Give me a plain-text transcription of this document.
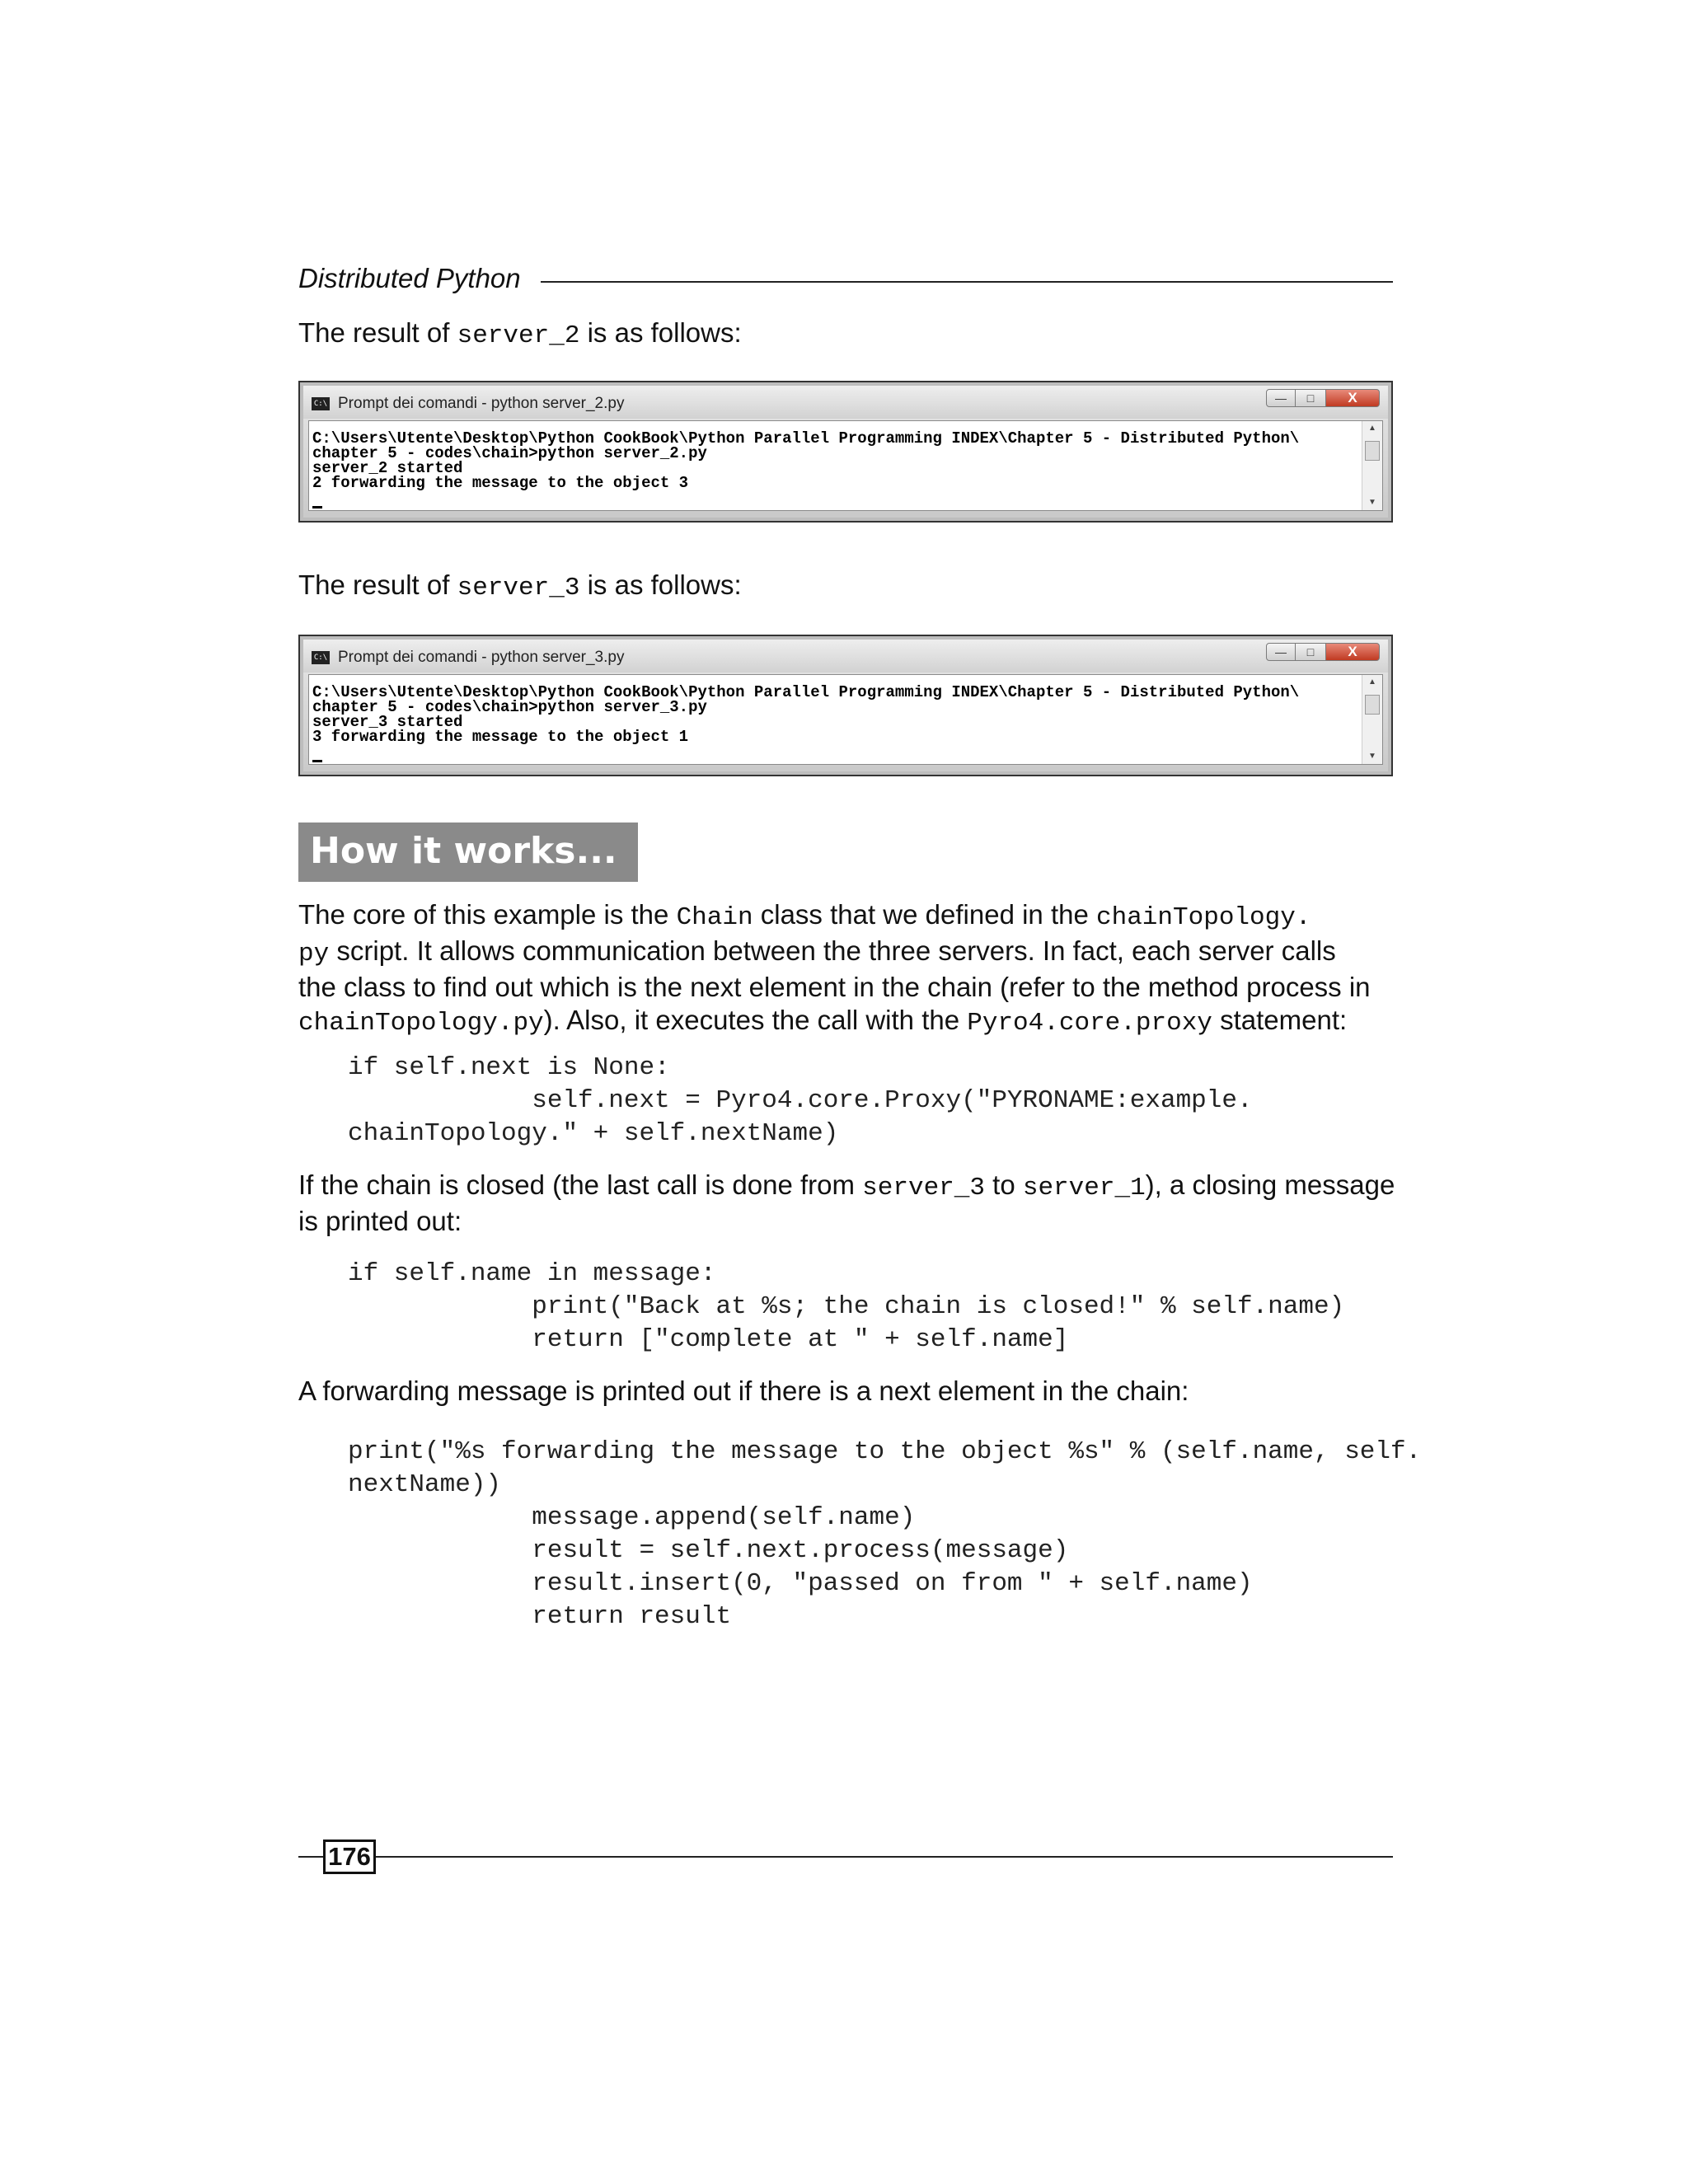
Distributed Python
The result of server_2 is as follows:
C:\ Prompt dei comandi - python server_2.py	—	□	X
C:\Users\Utente\Desktop\Python CookBook\Python Parallel Programming INDEX\Chapter 5 - Distributed Python\
chapter 5 - codes\chain>python server_2.py
server_2 started
2 forwarding the message to the object 3
▲
▼
The result of server_3 is as follows:
C:\ Prompt dei comandi - python server_3.py	—	□	X
C:\Users\Utente\Desktop\Python CookBook\Python Parallel Programming INDEX\Chapter 5 - Distributed Python\
chapter 5 - codes\chain>python server_3.py
server_3 started
3 forwarding the message to the object 1
▲
▼
How it works...
The core of this example is the Chain class that we defined in the chainTopology.
py script. It allows communication between the three servers. In fact, each server calls
the class to find out which is the next element in the chain (refer to the method process in
chainTopology.py). Also, it executes the call with the Pyro4.core.proxy statement:
if self.next is None:
self.next = Pyro4.core.Proxy("PYRONAME:example.
chainTopology." + self.nextName)
If the chain is closed (the last call is done from server_3 to server_1), a closing message
is printed out:
if self.name in message:
print("Back at %s; the chain is closed!" % self.name)
return ["complete at " + self.name]
A forwarding message is printed out if there is a next element in the chain:
print("%s forwarding the message to the object %s" % (self.name, self.
nextName))
message.append(self.name)
result = self.next.process(message)
result.insert(0, "passed on from " + self.name)
return result
176
